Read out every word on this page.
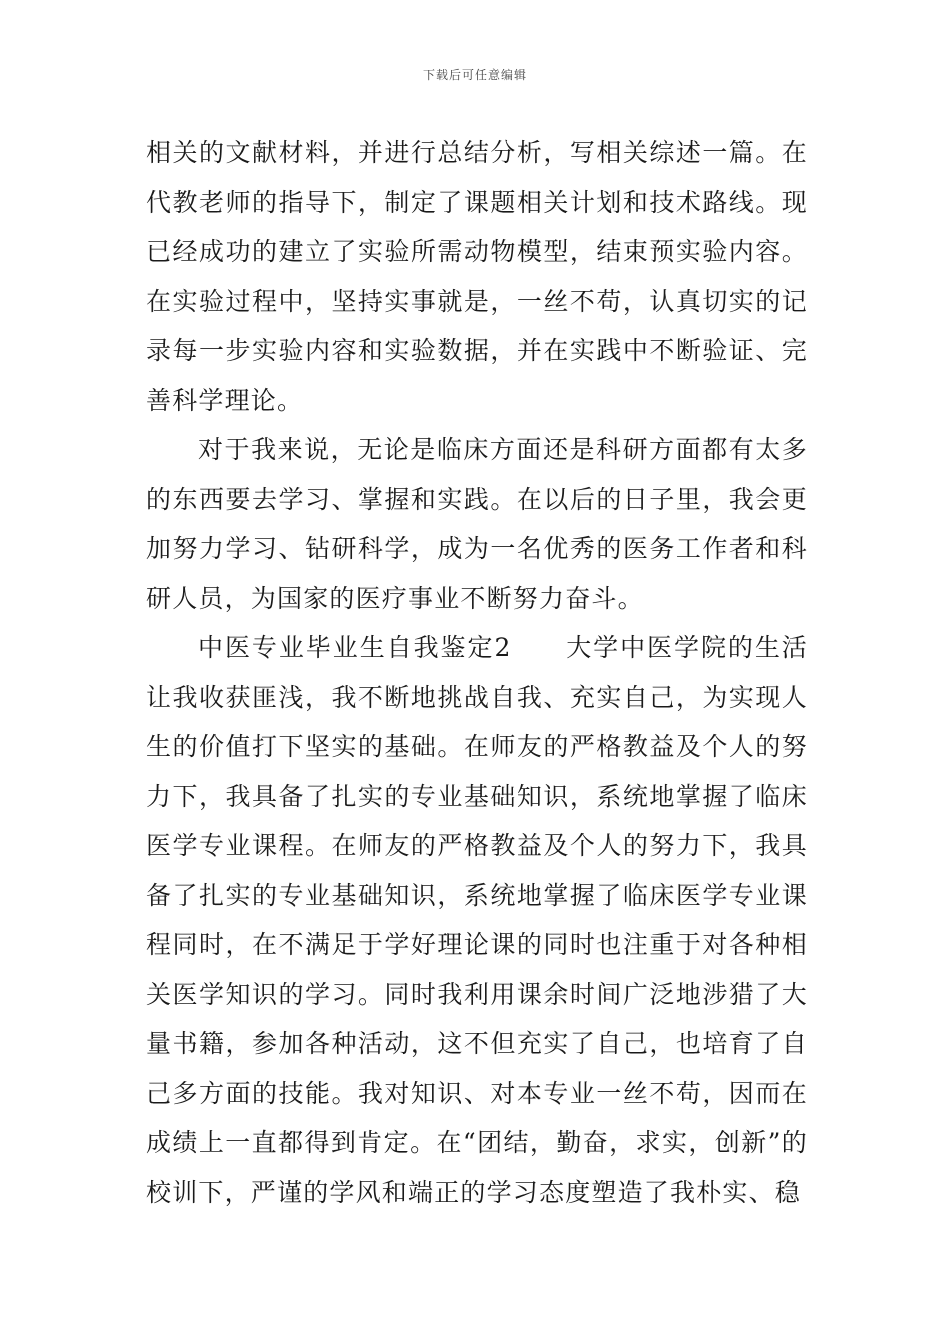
下载后可任意编辑

相关的文献材料，并进行总结分析，写相关综述一篇。在代教老师的指导下，制定了课题相关计划和技术路线。现已经成功的建立了实验所需动物模型，结束预实验内容。在实验过程中，坚持实事就是，一丝不苟，认真切实的记录每一步实验内容和实验数据，并在实践中不断验证、完善科学理论。

对于我来说，无论是临床方面还是科研方面都有太多的东西要去学习、掌握和实践。在以后的日子里，我会更加努力学习、钻研科学，成为一名优秀的医务工作者和科研人员，为国家的医疗事业不断努力奋斗。

中医专业毕业生自我鉴定2　　大学中医学院的生活让我收获匪浅，我不断地挑战自我、充实自己，为实现人生的价值打下坚实的基础。在师友的严格教益及个人的努力下，我具备了扎实的专业基础知识，系统地掌握了临床医学专业课程。在师友的严格教益及个人的努力下，我具备了扎实的专业基础知识，系统地掌握了临床医学专业课程同时，在不满足于学好理论课的同时也注重于对各种相关医学知识的学习。同时我利用课余时间广泛地涉猎了大量书籍，参加各种活动，这不但充实了自己，也培育了自己多方面的技能。我对知识、对本专业一丝不苟，因而在成绩上一直都得到肯定。在“团结，勤奋，求实，创新”的校训下，严谨的学风和端正的学习态度塑造了我朴实、稳
